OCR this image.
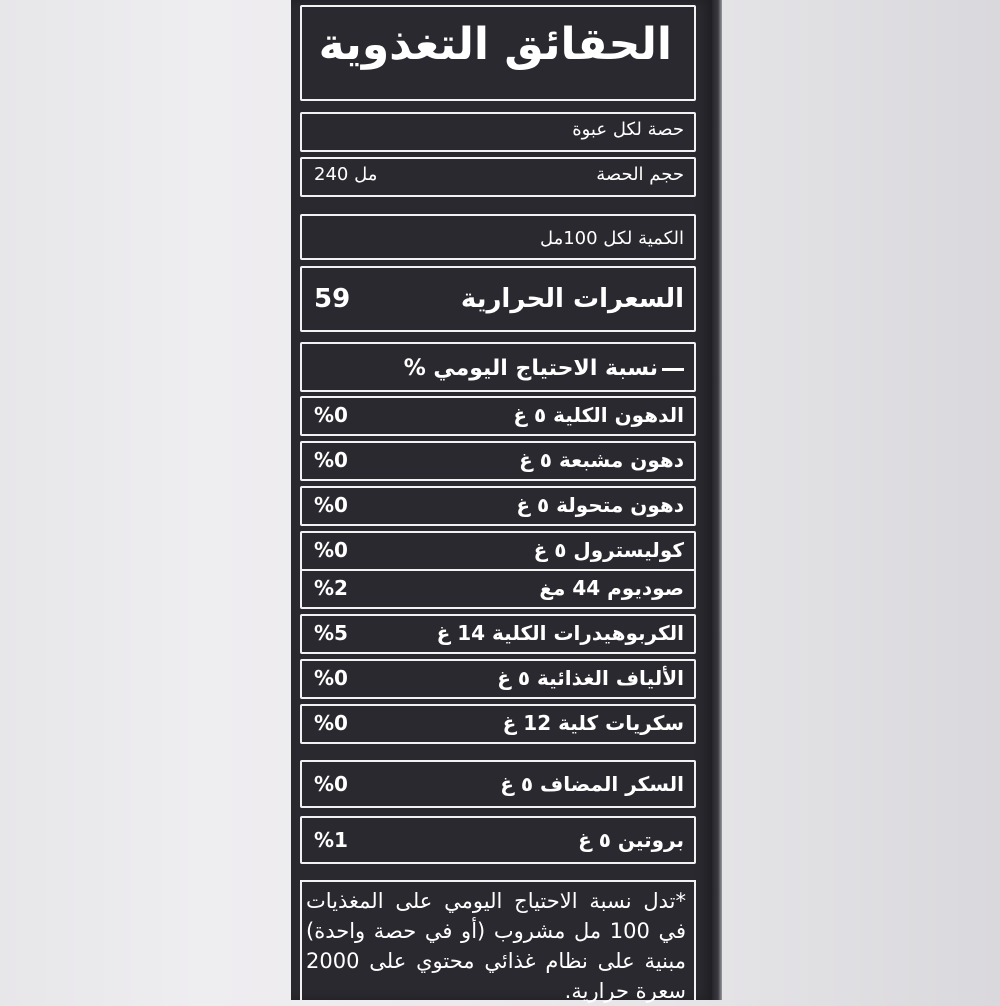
الحقائق التغذوية
حصة لكل عبوة
حجم الحصة
240 مل
الكمية لكل 100مل
السعرات الحرارية
59
نسبة الاحتياج اليومي %
الدهون الكلية ٥ غ
%0
دهون مشبعة ٥ غ
%0
دهون متحولة ٥ غ
%0
كوليسترول ٥ غ
%0
صوديوم 44 مغ
%2
الكربوهيدرات الكلية 14 غ
%5
الألياف الغذائية ٥ غ
%0
سكريات كلية 12 غ
%0
السكر المضاف ٥ غ
%0
بروتين ٥ غ
%1
*تدل نسبة الاحتياج اليومي على المغذيات في 100 مل مشروب (أو في حصة واحدة) مبنية على نظام غذائي محتوي على 2000 سعرة حرارية.
